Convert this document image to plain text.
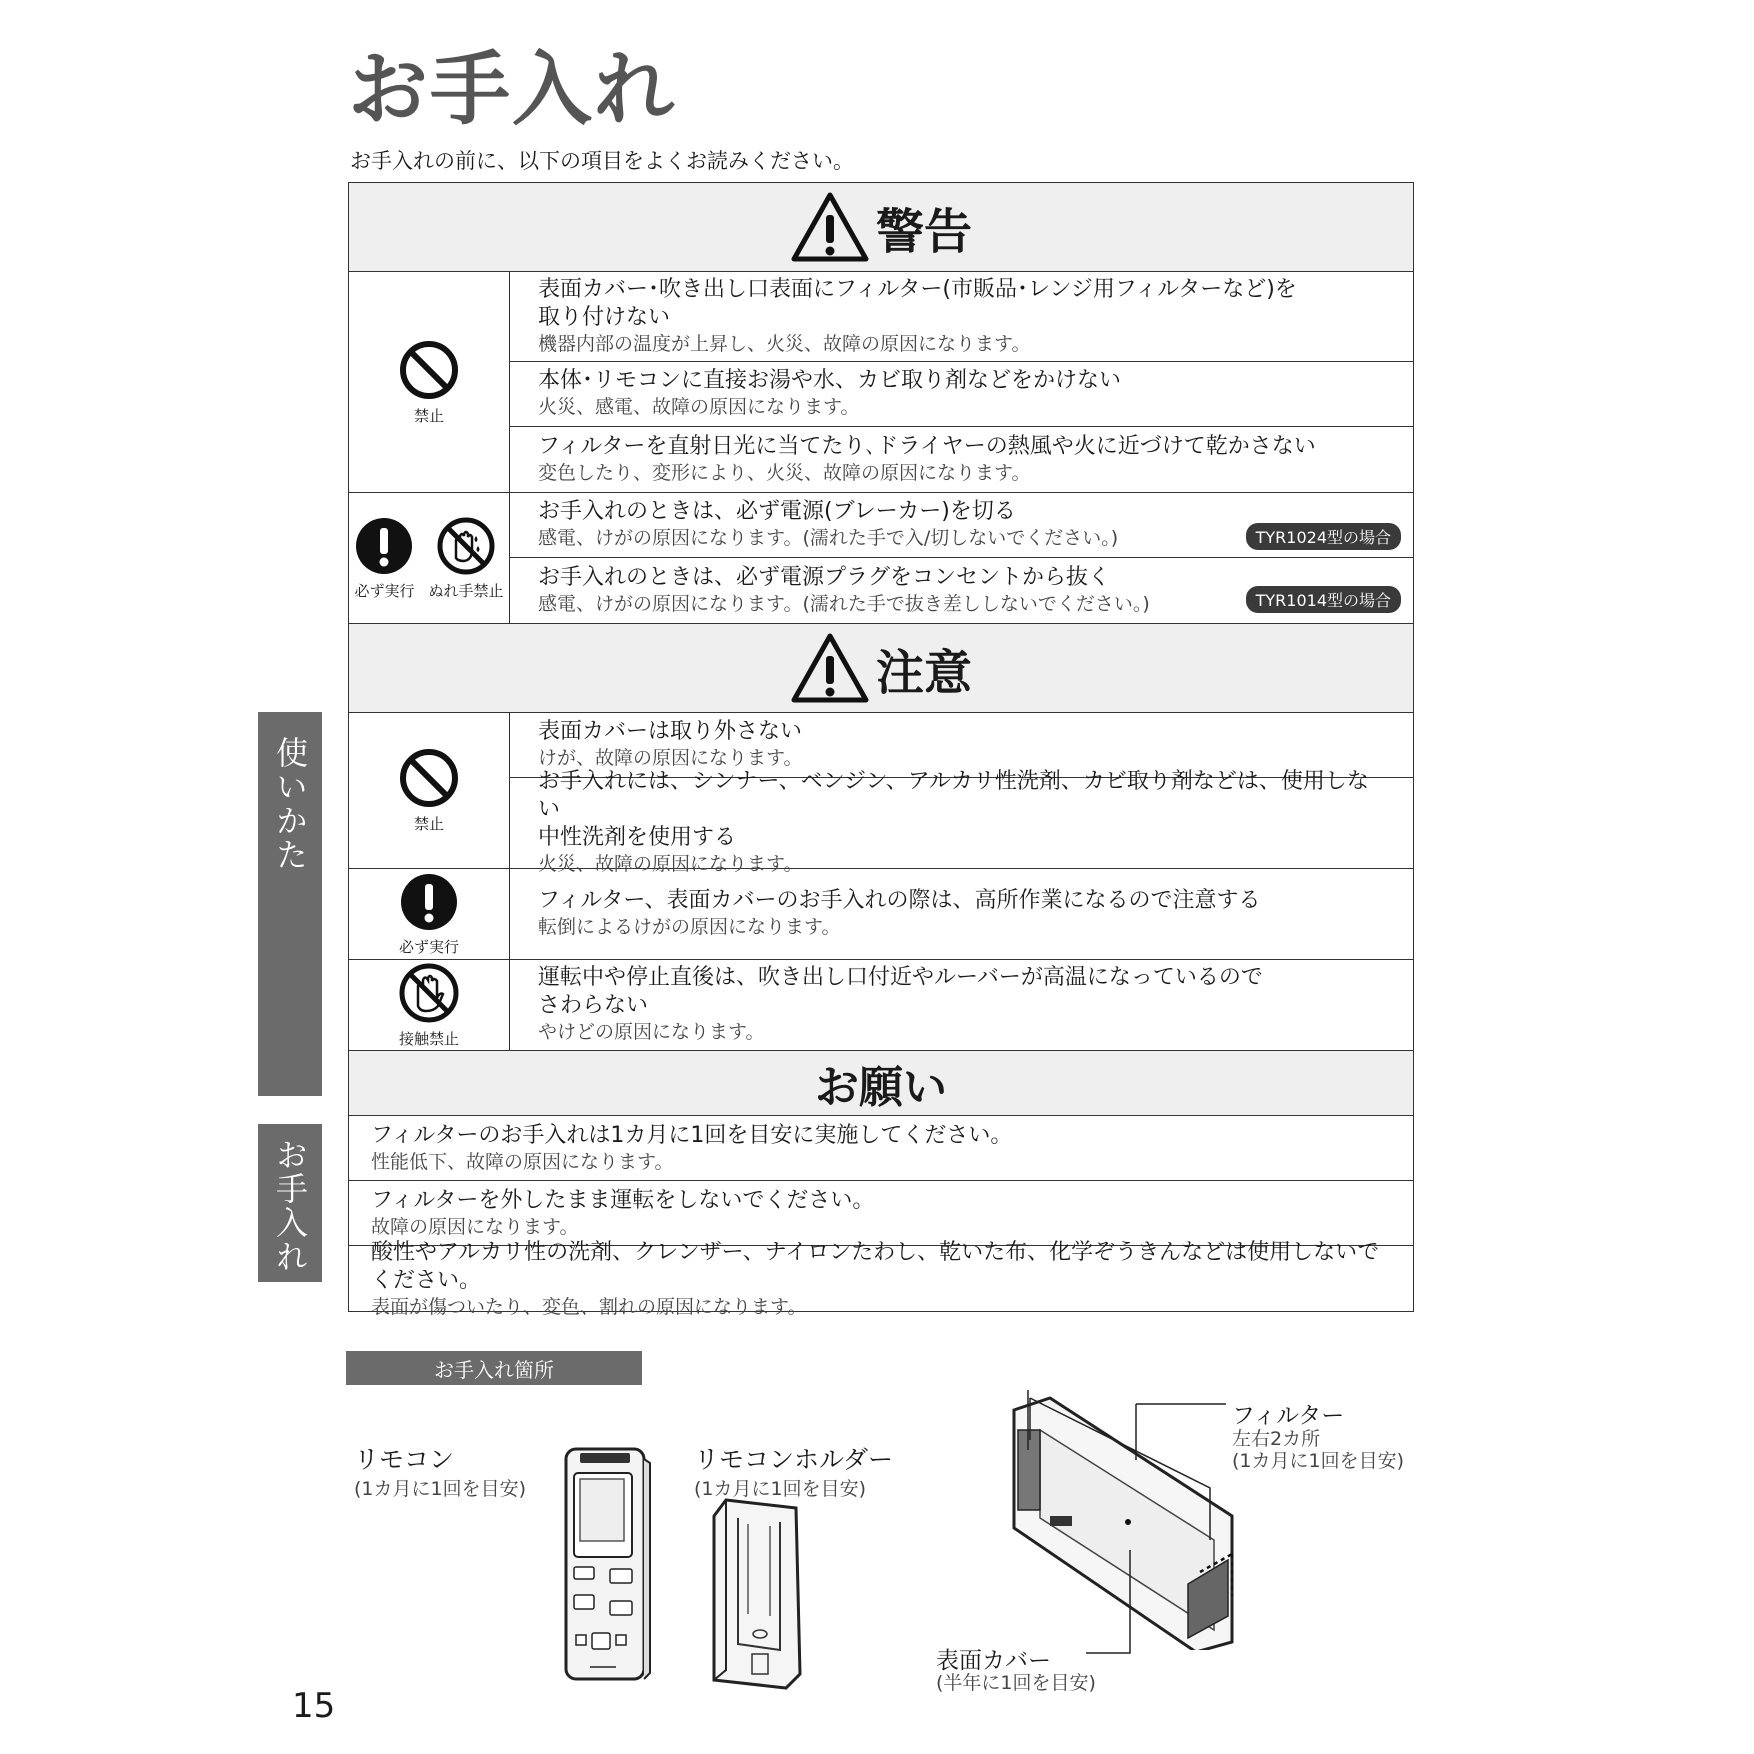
お手入れ
お手入れの前に、以下の項目をよくお読みください。
使いかた
お手入れ
警告
禁止
表面カバー･吹き出し口表面にフィルター(市販品･レンジ用フィルターなど)を
取り付けない
機器内部の温度が上昇し、火災、故障の原因になります。
本体･リモコンに直接お湯や水、カビ取り剤などをかけない
火災、感電、故障の原因になります。
フィルターを直射日光に当てたり､ドライヤーの熱風や火に近づけて乾かさない
変色したり、変形により、火災、故障の原因になります。
必ず実行 ぬれ手禁止
お手入れのときは、必ず電源(ブレーカー)を切る
感電、けがの原因になります。(濡れた手で入/切しないでください。)	TYR1024型の場合
お手入れのときは、必ず電源プラグをコンセントから抜く
感電、けがの原因になります。(濡れた手で抜き差ししないでください。)	TYR1014型の場合
注意
禁止
表面カバーは取り外さない
けが、故障の原因になります。
お手入れには、シンナー、ベンジン、アルカリ性洗剤、カビ取り剤などは、使用しない
中性洗剤を使用する
火災、故障の原因になります。
必ず実行
フィルター、表面カバーのお手入れの際は、高所作業になるので注意する
転倒によるけがの原因になります。
接触禁止
運転中や停止直後は、吹き出し口付近やルーバーが高温になっているので
さわらない
やけどの原因になります。
お願い
フィルターのお手入れは1カ月に1回を目安に実施してください。
性能低下、故障の原因になります。
フィルターを外したまま運転をしないでください。
故障の原因になります。
酸性やアルカリ性の洗剤、クレンザー、ナイロンたわし、乾いた布、化学ぞうきんなどは使用しないでください。
表面が傷ついたり、変色、割れの原因になります。
お手入れ箇所
リモコン
(1カ月に1回を目安)
リモコンホルダー
(1カ月に1回を目安)
フィルター
左右2カ所
(1カ月に1回を目安)
表面カバー
(半年に1回を目安)
15
